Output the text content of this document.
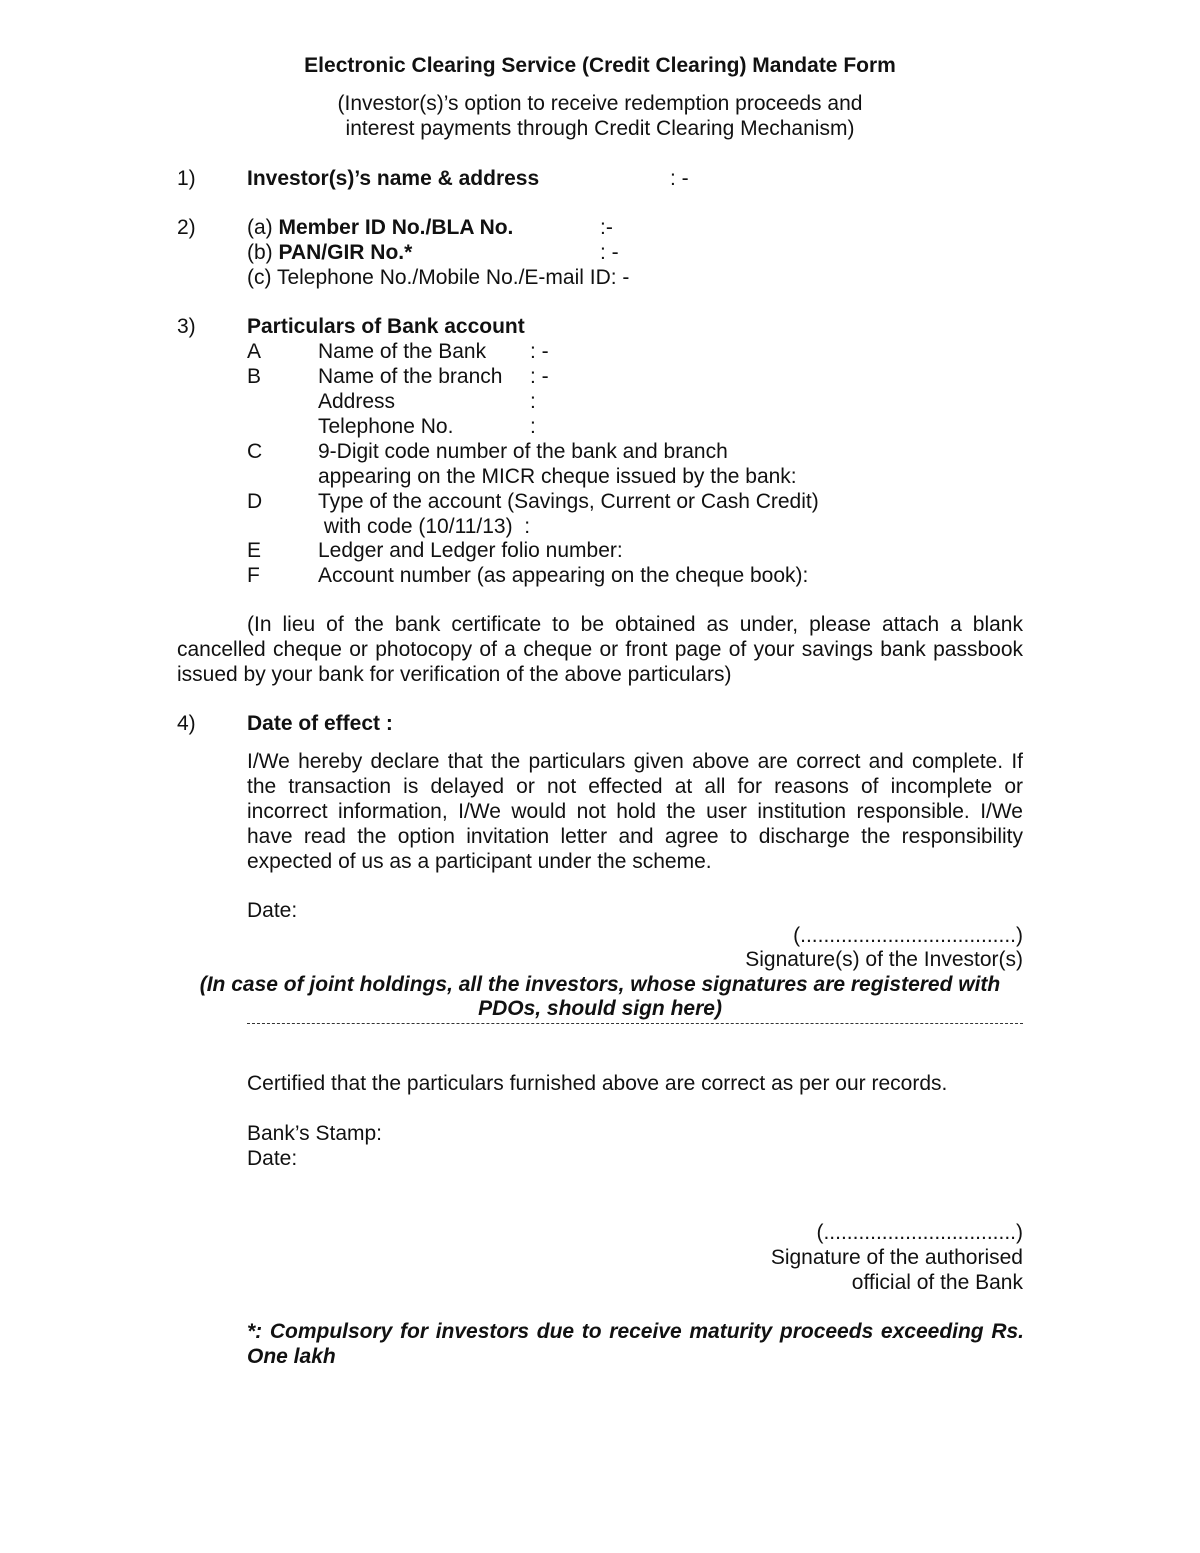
Electronic Clearing Service (Credit Clearing) Mandate Form
(Investor(s)’s option to receive redemption proceeds and
interest payments through Credit Clearing Mechanism)
1) Investor(s)’s name & address	: -
2) (a) Member ID No./BLA No.	:-
(b) PAN/GIR No.*	: -
(c) Telephone No./Mobile No./E-mail ID: -
3) Particulars of Bank account
A	Name of the Bank : -
B	Name of the branch : -
Address	:
Telephone No.	:
C	9-Digit code number of the bank and branch
appearing on the MICR cheque issued by the bank:
D	Type of the account (Savings, Current or Cash Credit)
with code (10/11/13)  :
E	Ledger and Ledger folio number:
F	Account number (as appearing on the cheque book):
(In lieu of the bank certificate to be obtained as under, please attach a blank cancelled cheque or photocopy of a cheque or front page of your savings bank passbook issued by your bank for verification of the above particulars)
4) Date of effect :
I/We hereby declare that the particulars given above are correct and complete. If the transaction is delayed or not effected at all for reasons of incomplete or incorrect information, I/We would not hold the user institution responsible. I/We have read the option invitation letter and agree to discharge the responsibility expected of us as a participant under the scheme.
Date:
(.....................................)
Signature(s) of the Investor(s)
(In case of joint holdings, all the investors, whose signatures are registered with
PDOs, should sign here)
Certified that the particulars furnished above are correct as per our records.
Bank’s Stamp:
Date:
(.................................)
Signature of the authorised
official of the Bank
*: Compulsory for investors due to receive maturity proceeds exceeding Rs. One lakh
